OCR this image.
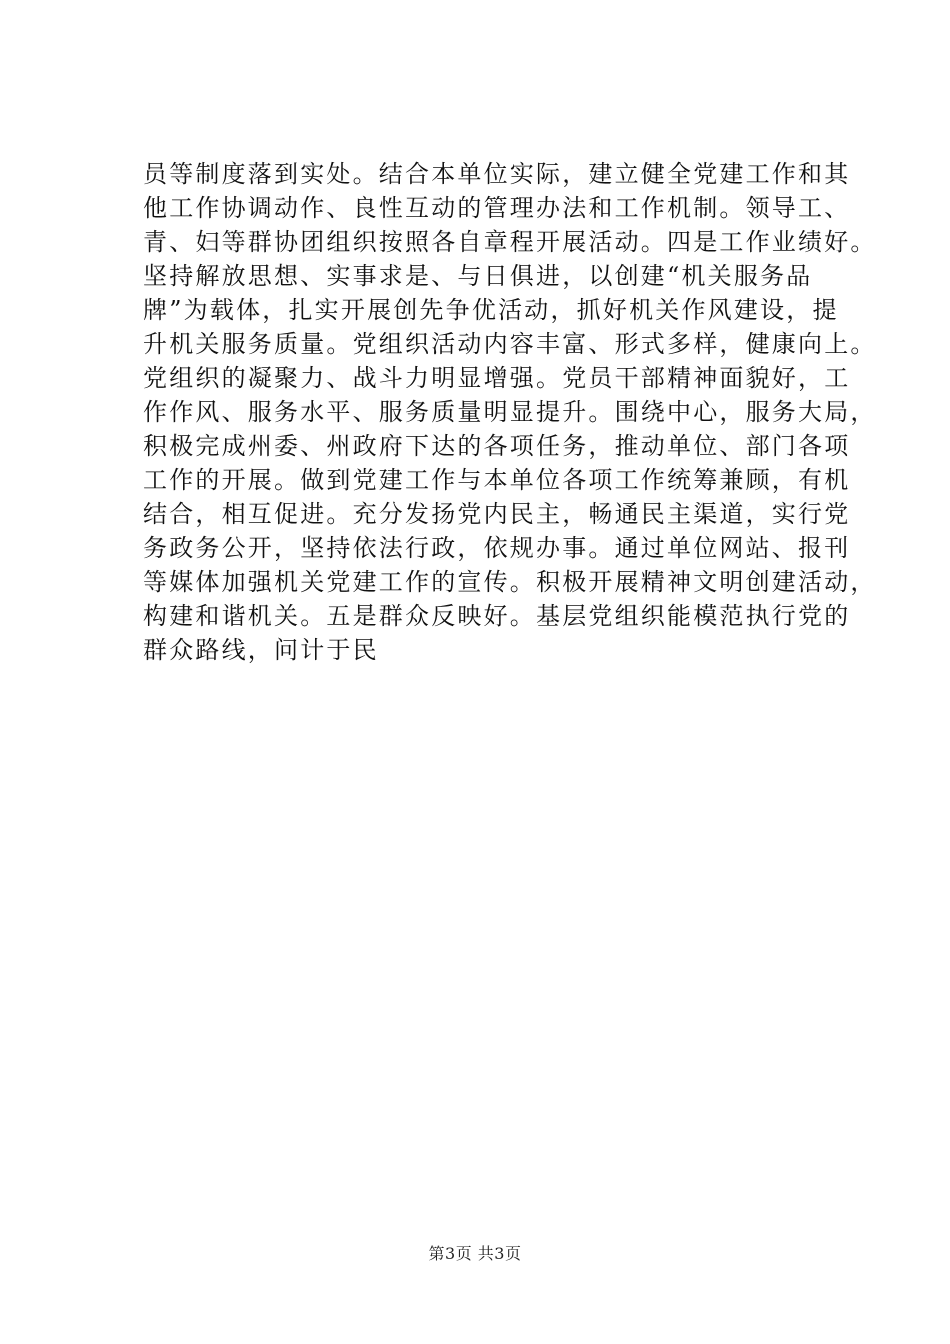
员等制度落到实处。结合本单位实际，建立健全党建工作和其
他工作协调动作、良性互动的管理办法和工作机制。领导工、
青、妇等群协团组织按照各自章程开展活动。四是工作业绩好。
坚持解放思想、实事求是、与日俱进，以创建“机关服务品
牌”为载体，扎实开展创先争优活动，抓好机关作风建设，提
升机关服务质量。党组织活动内容丰富、形式多样，健康向上。
党组织的凝聚力、战斗力明显增强。党员干部精神面貌好，工
作作风、服务水平、服务质量明显提升。围绕中心，服务大局，
积极完成州委、州政府下达的各项任务，推动单位、部门各项
工作的开展。做到党建工作与本单位各项工作统筹兼顾，有机
结合，相互促进。充分发扬党内民主，畅通民主渠道，实行党
务政务公开，坚持依法行政，依规办事。通过单位网站、报刊
等媒体加强机关党建工作的宣传。积极开展精神文明创建活动，
构建和谐机关。五是群众反映好。基层党组织能模范执行党的
群众路线，问计于民
第3页 共3页
